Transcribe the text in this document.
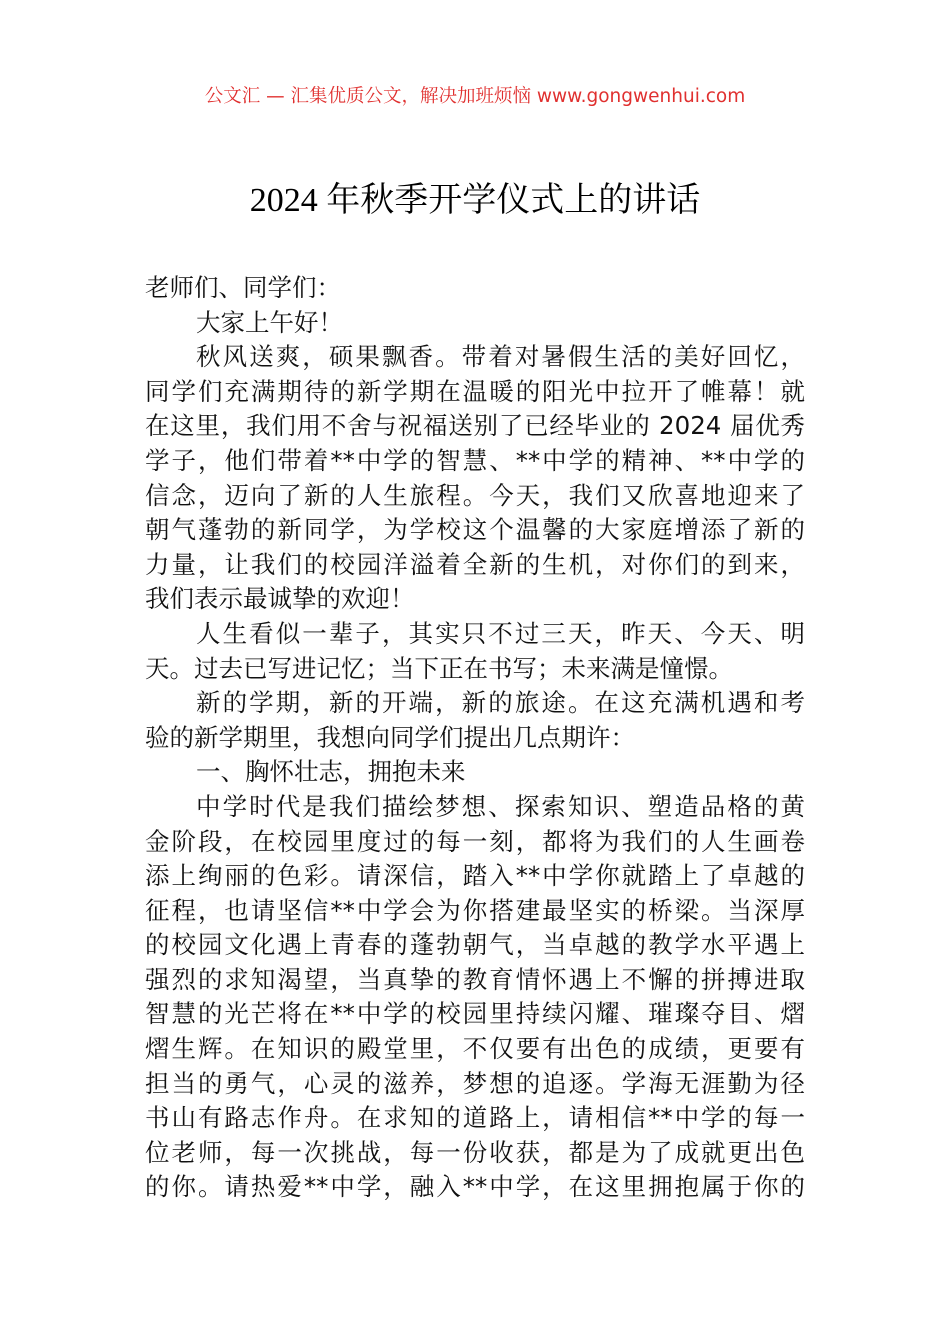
公文汇 — 汇集优质公文，解决加班烦恼 www.gongwenhui.com
2024 年秋季开学仪式上的讲话
老师们、同学们：
大家上午好！
秋风送爽，硕果飘香。带着对暑假生活的美好回忆，
同学们充满期待的新学期在温暖的阳光中拉开了帷幕！就
在这里，我们用不舍与祝福送别了已经毕业的 2024 届优秀
学子，他们带着**中学的智慧、**中学的精神、**中学的
信念，迈向了新的人生旅程。今天，我们又欣喜地迎来了
朝气蓬勃的新同学，为学校这个温馨的大家庭增添了新的
力量，让我们的校园洋溢着全新的生机，对你们的到来，
我们表示最诚挚的欢迎！
人生看似一辈子，其实只不过三天，昨天、今天、明
天。过去已写进记忆；当下正在书写；未来满是憧憬。
新的学期，新的开端，新的旅途。在这充满机遇和考
验的新学期里，我想向同学们提出几点期许：
一、胸怀壮志，拥抱未来
中学时代是我们描绘梦想、探索知识、塑造品格的黄
金阶段，在校园里度过的每一刻，都将为我们的人生画卷
添上绚丽的色彩。请深信，踏入**中学你就踏上了卓越的
征程，也请坚信**中学会为你搭建最坚实的桥梁。当深厚
的校园文化遇上青春的蓬勃朝气，当卓越的教学水平遇上
强烈的求知渴望，当真挚的教育情怀遇上不懈的拼搏进取
智慧的光芒将在**中学的校园里持续闪耀、璀璨夺目、熠
熠生辉。在知识的殿堂里，不仅要有出色的成绩，更要有
担当的勇气，心灵的滋养，梦想的追逐。学海无涯勤为径
书山有路志作舟。在求知的道路上，请相信**中学的每一
位老师，每一次挑战，每一份收获，都是为了成就更出色
的你。请热爱**中学，融入**中学，在这里拥抱属于你的
